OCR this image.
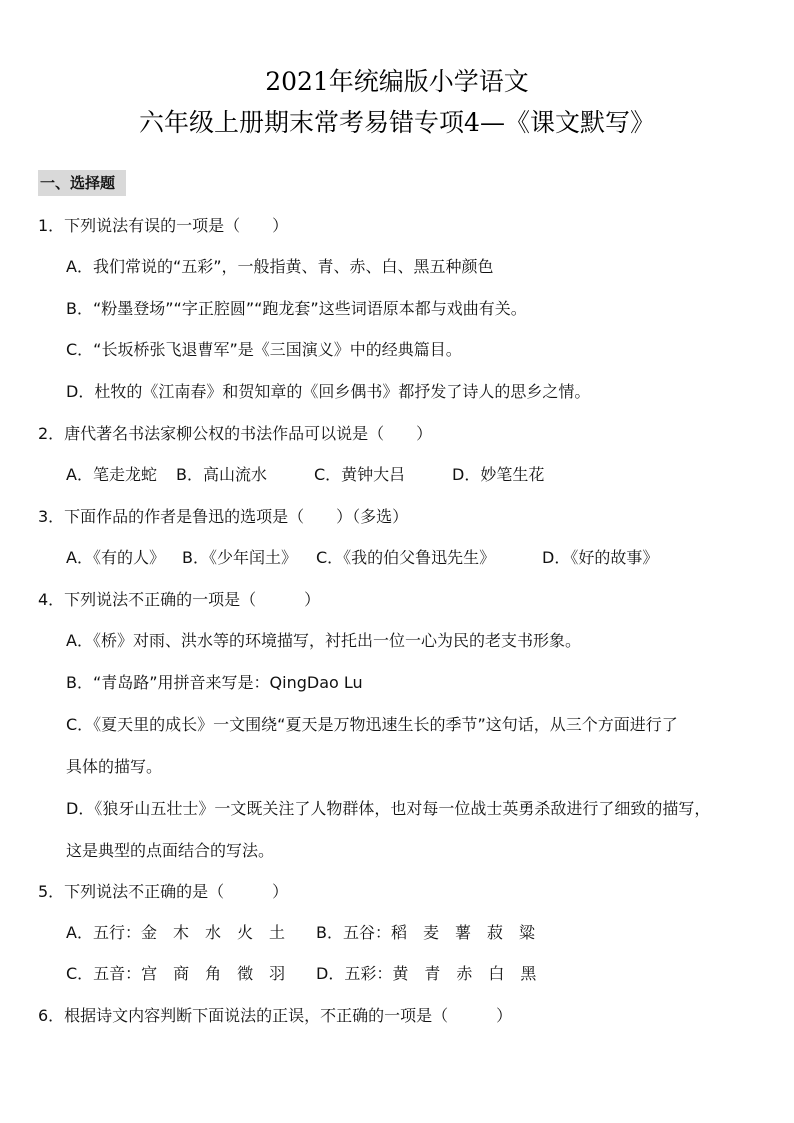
2021年统编版小学语文
六年级上册期末常考易错专项4—《课文默写》
一、选择题
1．下列说法有误的一项是（　　）
A．我们常说的“五彩”，一般指黄、青、赤、白、黑五种颜色
B．“粉墨登场”“字正腔圆”“跑龙套”这些词语原本都与戏曲有关。
C．“长坂桥张飞退曹军”是《三国演义》中的经典篇目。
D．杜牧的《江南春》和贺知章的《回乡偶书》都抒发了诗人的思乡之情。
2．唐代著名书法家柳公权的书法作品可以说是（　　）
A．笔走龙蛇 B．高山流水	C．黄钟大吕	D．妙笔生花
3．下面作品的作者是鲁迅的选项是（　　）（多选）
A．《有的人》 B．《少年闰土》 C．《我的伯父鲁迅先生》	D．《好的故事》
4．下列说法不正确的一项是（　　　）
A．《桥》对雨、洪水等的环境描写，衬托出一位一心为民的老支书形象。
B．“青岛路”用拼音来写是：QingDao Lu
C．《夏天里的成长》一文围绕“夏天是万物迅速生长的季节”这句话，从三个方面进行了
具体的描写。
D．《狼牙山五壮士》一文既关注了人物群体，也对每一位战士英勇杀敌进行了细致的描写，
这是典型的点面结合的写法。
5．下列说法不正确的是（　　　）
A．五行：金　木　水　火　土 B．五谷：稻　麦　薯　菽　粱
C．五音：宫　商　角　徵　羽 D．五彩：黄　青　赤　白　黑
6．根据诗文内容判断下面说法的正误，不正确的一项是（　　　）
